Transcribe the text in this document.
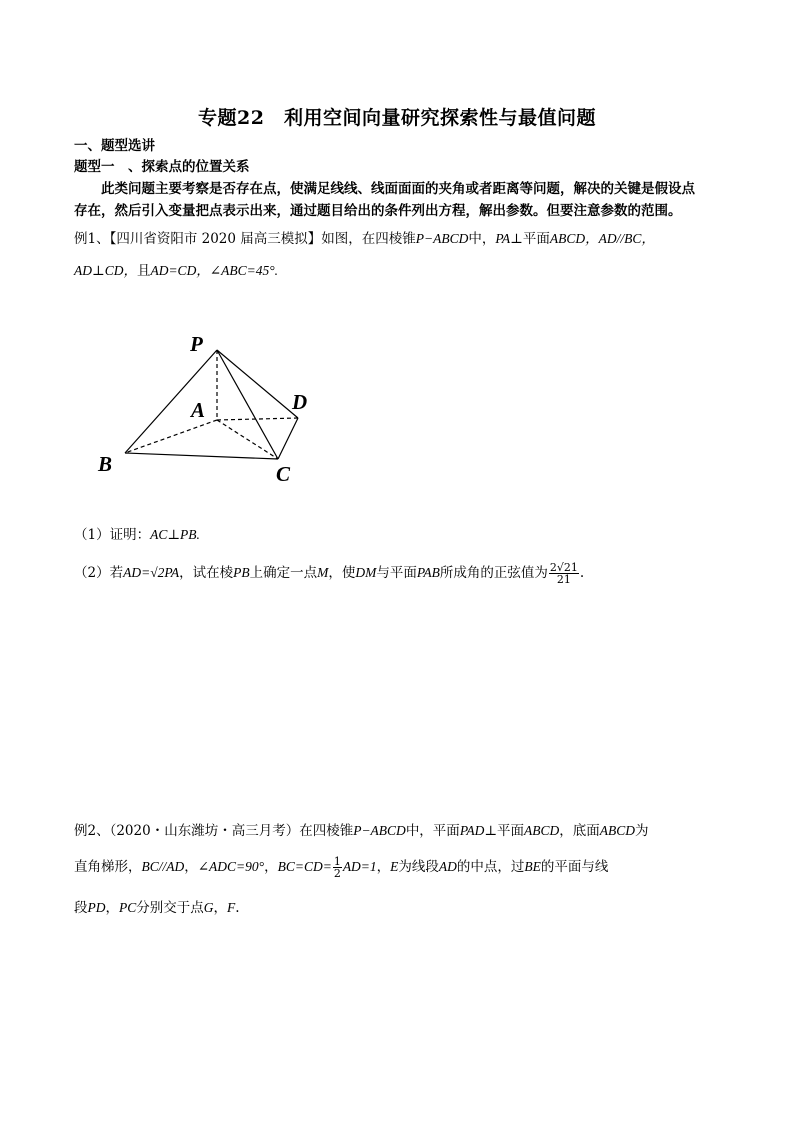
专题22　利用空间向量研究探索性与最值问题
一、题型选讲
题型一　、探索点的位置关系
此类问题主要考察是否存在点，使满足线线、线面面面的夹角或者距离等问题，解决的关键是假设点
存在，然后引入变量把点表示出来，通过题目给出的条件列出方程，解出参数。但要注意参数的范围。
例1、【四川省资阳市 2020 届高三模拟】如图，在四棱锥P−ABCD中，PA⊥平面ABCD，AD//BC，
AD⊥CD，且AD=CD，∠ABC=45°.
P
A	D
B	C
（1）证明：AC⊥PB.
（2）若AD=√2PA，试在棱PB上确定一点M，使DM与平面PAB所成角的正弦值为 $\frac{2√21}{21}$ .
例2、（2020・山东潍坊・高三月考）在四棱锥P−ABCD中，平面PAD⊥平面ABCD，底面ABCD为
直角梯形，BC//AD，∠ADC=90°，$BC=CD= \frac{1}{2} AD=1$，E为线段AD的中点，过BE的平面与线
段PD，PC分别交于点G，F.
